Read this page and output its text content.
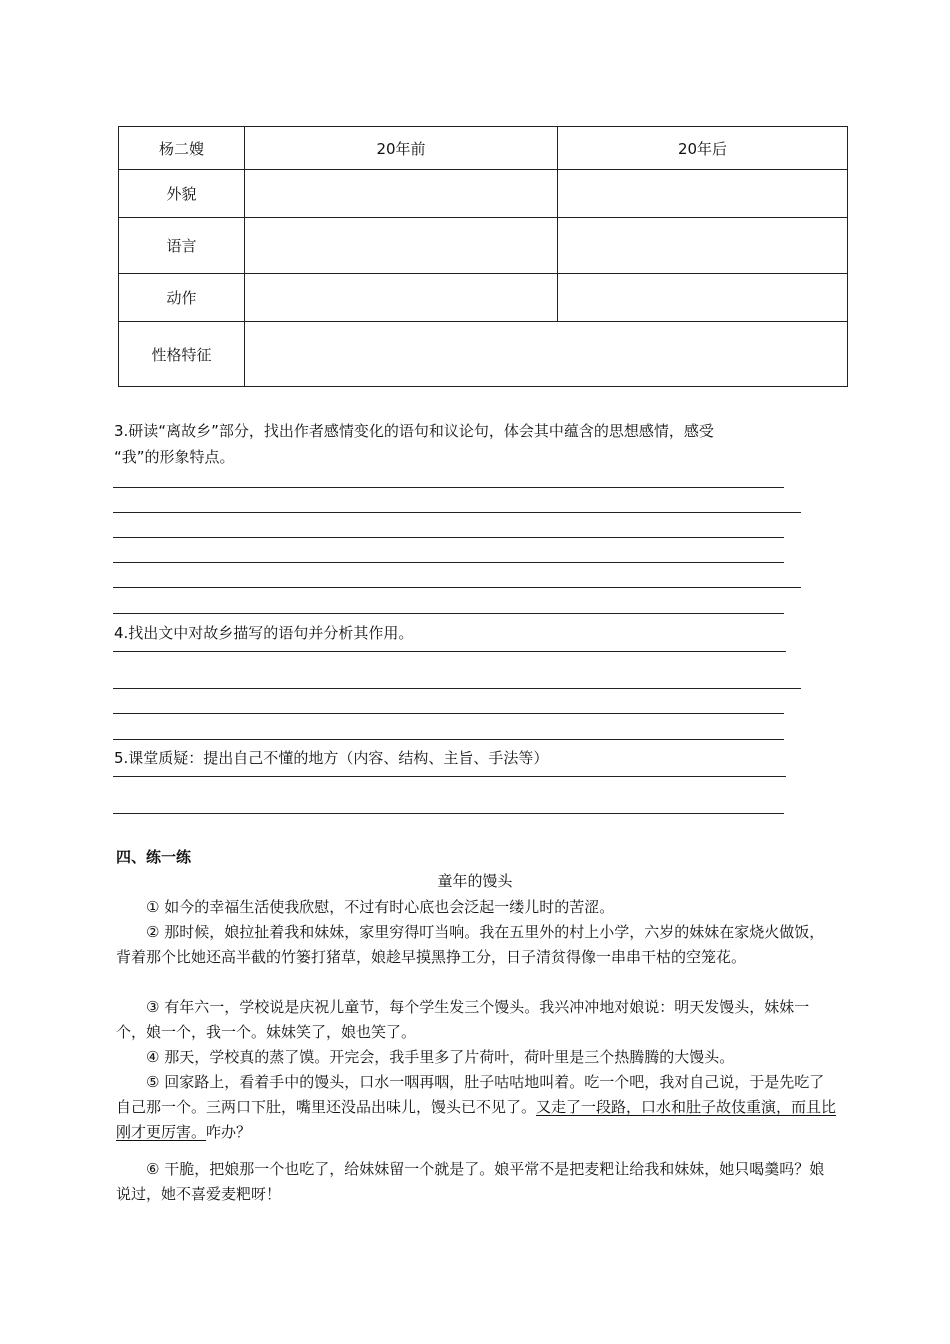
杨二嫂	20年前	20年后
外貌		
语言		
动作		
性格特征		
3.研读“离故乡”部分，找出作者感情变化的语句和议论句，体会其中蕴含的思想感情，感受
“我”的形象特点。
4.找出文中对故乡描写的语句并分析其作用。
5.课堂质疑：提出自己不懂的地方（内容、结构、主旨、手法等）
四、练一练
童年的馒头
① 如今的幸福生活使我欣慰，不过有时心底也会泛起一缕儿时的苦涩。
② 那时候，娘拉扯着我和妹妹，家里穷得叮当响。我在五里外的村上小学，六岁的妹妹在家烧火做饭，背着那个比她还高半截的竹篓打猪草，娘趁早摸黑挣工分，日子清贫得像一串串干枯的空笼花。
③ 有年六一，学校说是庆祝儿童节，每个学生发三个馒头。我兴冲冲地对娘说：明天发馒头，妹妹一个，娘一个，我一个。妹妹笑了，娘也笑了。
④ 那天，学校真的蒸了馍。开完会，我手里多了片荷叶，荷叶里是三个热腾腾的大馒头。
⑤ 回家路上，看着手中的馒头，口水一咽再咽，肚子咕咕地叫着。吃一个吧，我对自己说，于是先吃了自己那一个。三两口下肚，嘴里还没品出味儿，馒头已不见了。又走了一段路，口水和肚子故伎重演，而且比刚才更厉害。咋办？
⑥ 干脆，把娘那一个也吃了，给妹妹留一个就是了。娘平常不是把麦粑让给我和妹妹，她只喝羹吗？娘说过，她不喜爱麦粑呀！
